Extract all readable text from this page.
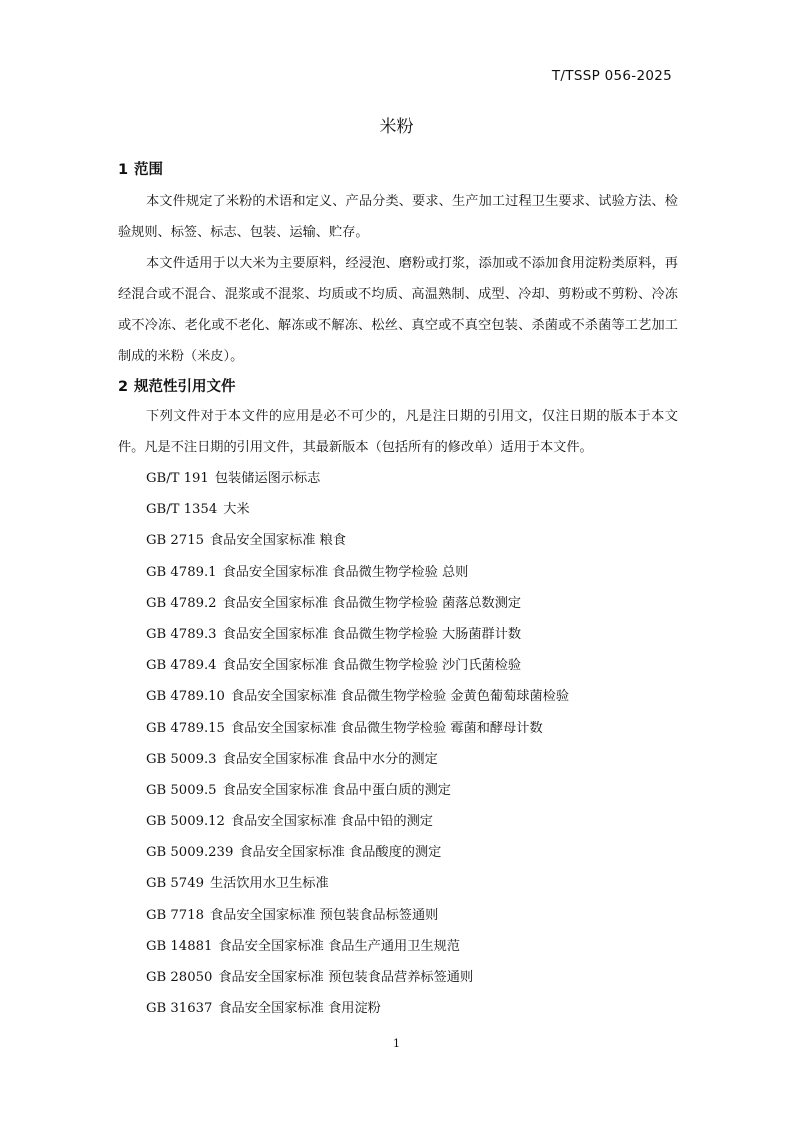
T/TSSP 056-2025
米粉
1 范围

本文件规定了米粉的术语和定义、产品分类、要求、生产加工过程卫生要求、试验方法、检验规则、标签、标志、包装、运输、贮存。

本文件适用于以大米为主要原料，经浸泡、磨粉或打浆，添加或不添加食用淀粉类原料，再经混合或不混合、混浆或不混浆、均质或不均质、高温熟制、成型、冷却、剪粉或不剪粉、冷冻或不冷冻、老化或不老化、解冻或不解冻、松丝、真空或不真空包装、杀菌或不杀菌等工艺加工制成的米粉（米皮）。

2 规范性引用文件

下列文件对于本文件的应用是必不可少的，凡是注日期的引用文，仅注日期的版本于本文件。凡是不注日期的引用文件，其最新版本（包括所有的修改单）适用于本文件。

GB/T 191 包装储运图示标志
GB/T 1354 大米
GB 2715 食品安全国家标准 粮食
GB 4789.1 食品安全国家标准 食品微生物学检验 总则
GB 4789.2 食品安全国家标准 食品微生物学检验 菌落总数测定
GB 4789.3 食品安全国家标准 食品微生物学检验 大肠菌群计数
GB 4789.4 食品安全国家标准 食品微生物学检验 沙门氏菌检验
GB 4789.10 食品安全国家标准 食品微生物学检验 金黄色葡萄球菌检验
GB 4789.15 食品安全国家标准 食品微生物学检验 霉菌和酵母计数
GB 5009.3 食品安全国家标准 食品中水分的测定
GB 5009.5 食品安全国家标准 食品中蛋白质的测定
GB 5009.12 食品安全国家标准 食品中铅的测定
GB 5009.239 食品安全国家标准 食品酸度的测定
GB 5749 生活饮用水卫生标准
GB 7718 食品安全国家标准 预包装食品标签通则
GB 14881 食品安全国家标准 食品生产通用卫生规范
GB 28050 食品安全国家标准 预包装食品营养标签通则
GB 31637 食品安全国家标准 食用淀粉
1
